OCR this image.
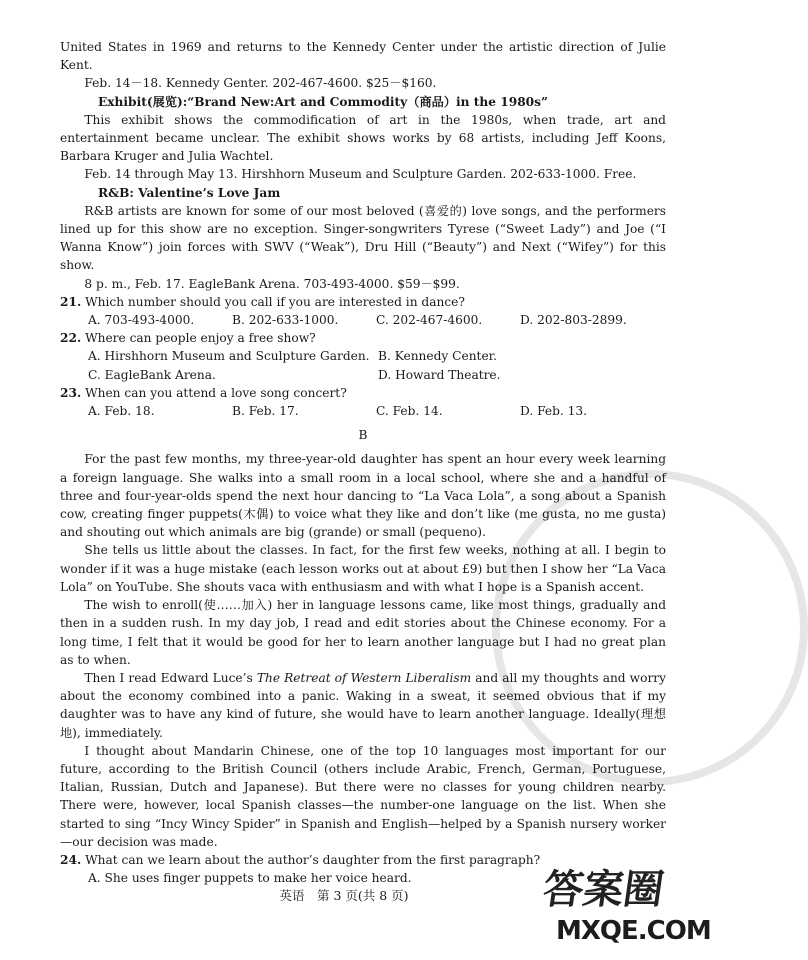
United States in 1969 and returns to the Kennedy Center under the artistic direction of Julie Kent.

Feb. 14－18. Kennedy Genter. 202-467-4600. $25－$160.

Exhibit(展览):“Brand New:Art and Commodity（商品）in the 1980s”

This exhibit shows the commodification of art in the 1980s, when trade, art and entertainment became unclear. The exhibit shows works by 68 artists, including Jeff Koons, Barbara Kruger and Julia Wachtel.

Feb. 14 through May 13. Hirshhorn Museum and Sculpture Garden. 202-633-1000. Free.

R&B: Valentine’s Love Jam

R&B artists are known for some of our most beloved (喜爱的) love songs, and the performers lined up for this show are no exception. Singer-songwriters Tyrese (“Sweet Lady”) and Joe (“I Wanna Know”) join forces with SWV (“Weak”), Dru Hill (“Beauty”) and Next (“Wifey”) for this show.

8 p. m., Feb. 17. EagleBank Arena. 703-493-4000. $59－$99.

21. Which number should you call if you are interested in dance?

A. 703-493-4000.	B. 202-633-1000.	C. 202-467-4600.	D. 202-803-2899.

22. Where can people enjoy a free show?

A. Hirshhorn Museum and Sculpture Garden. B. Kennedy Center.
C. EagleBank Arena.	D. Howard Theatre.

23. When can you attend a love song concert?

A. Feb. 18.	B. Feb. 17.	C. Feb. 14.	D. Feb. 13.
B

For the past few months, my three-year-old daughter has spent an hour every week learning a foreign language. She walks into a small room in a local school, where she and a handful of three and four-year-olds spend the next hour dancing to “La Vaca Lola”, a song about a Spanish cow, creating finger puppets(木偶) to voice what they like and don’t like (me gusta, no me gusta) and shouting out which animals are big (grande) or small (pequeno).

She tells us little about the classes. In fact, for the first few weeks, nothing at all. I begin to wonder if it was a huge mistake (each lesson works out at about £9) but then I show her “La Vaca Lola” on YouTube. She shouts vaca with enthusiasm and with what I hope is a Spanish accent.

The wish to enroll(使……加入) her in language lessons came, like most things, gradually and then in a sudden rush. In my day job, I read and edit stories about the Chinese economy. For a long time, I felt that it would be good for her to learn another language but I had no great plan as to when.

Then I read Edward Luce’s The Retreat of Western Liberalism and all my thoughts and worry about the economy combined into a panic. Waking in a sweat, it seemed obvious that if my daughter was to have any kind of future, she would have to learn another language. Ideally(理想地), immediately.

I thought about Mandarin Chinese, one of the top 10 languages most important for our future, according to the British Council (others include Arabic, French, German, Portuguese, Italian, Russian, Dutch and Japanese). But there were no classes for young children nearby. There were, however, local Spanish classes—the number-one language on the list. When she started to sing “Incy Wincy Spider” in Spanish and English—helped by a Spanish nursery worker—our decision was made.

24. What can we learn about the author’s daughter from the first paragraph?

A. She uses finger puppets to make her voice heard.

英语　第 3 页(共 8 页)	答案圈
MXQE.COM
